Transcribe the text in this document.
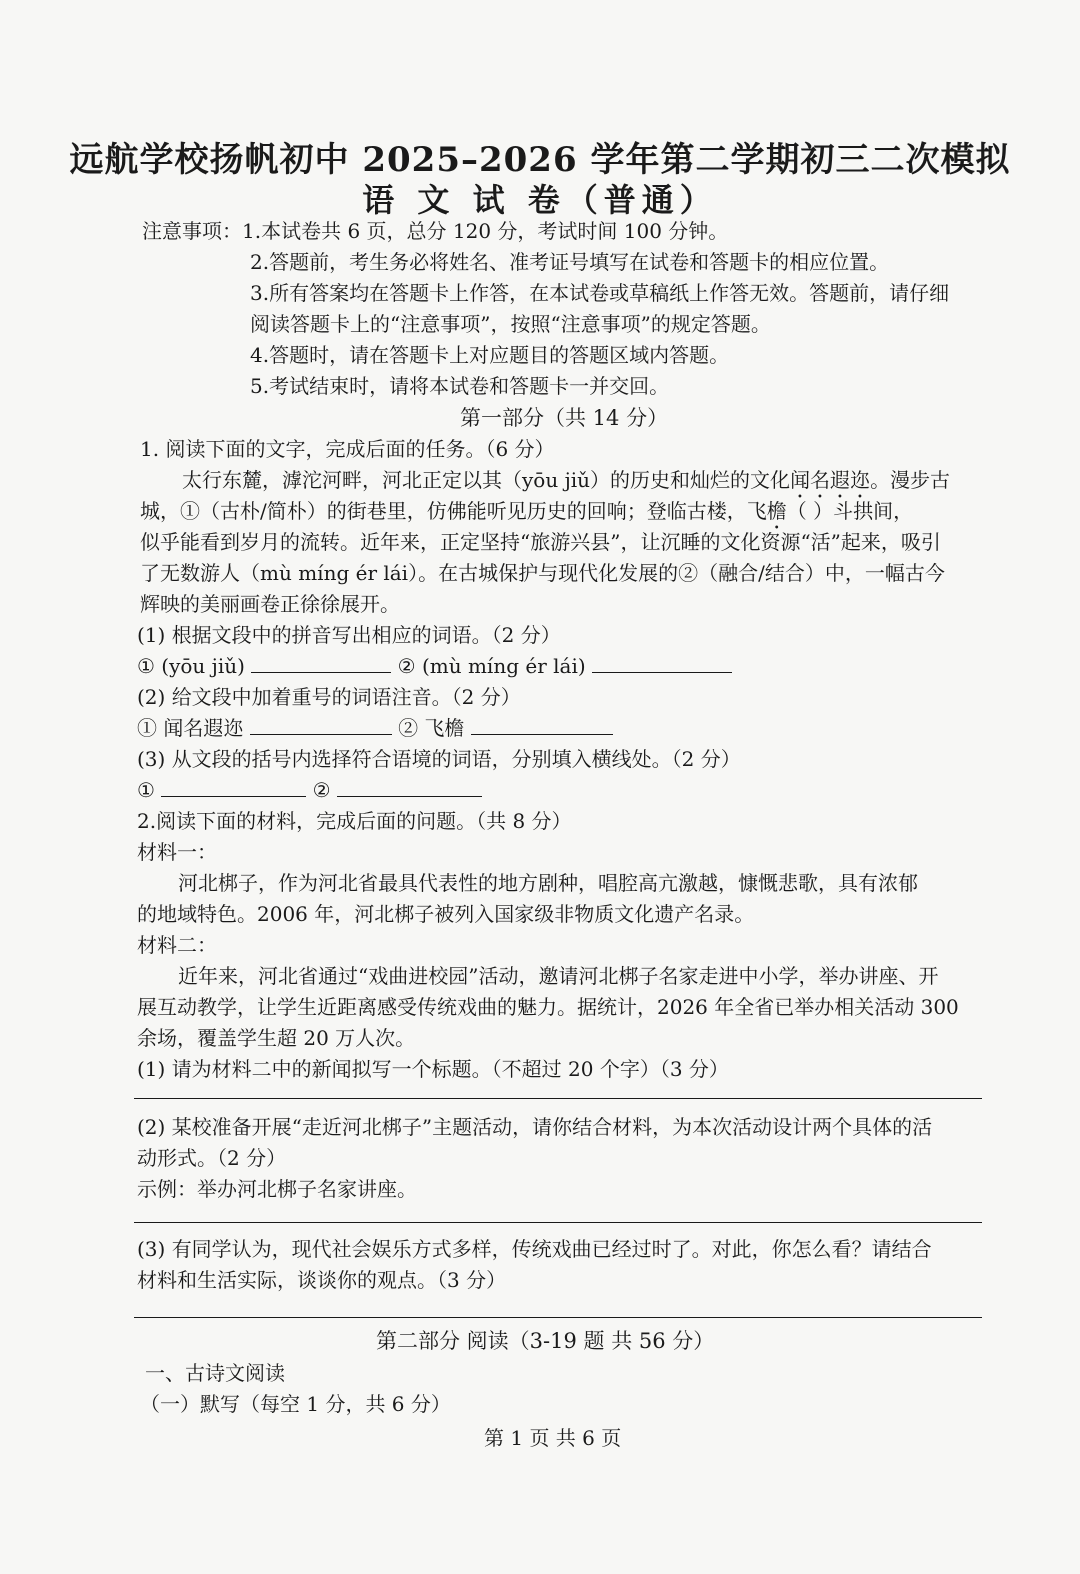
远航学校扬帆初中 2025–2026 学年第二学期初三二次模拟
语 文 试 卷（普通）
注意事项：1.本试卷共 6 页，总分 120 分，考试时间 100 分钟。
2.答题前，考生务必将姓名、准考证号填写在试卷和答题卡的相应位置。
3.所有答案均在答题卡上作答，在本试卷或草稿纸上作答无效。答题前，请仔细
阅读答题卡上的“注意事项”，按照“注意事项”的规定答题。
4.答题时，请在答题卡上对应题目的答题区域内答题。
5.考试结束时，请将本试卷和答题卡一并交回。
第一部分（共 14 分）
1. 阅读下面的文字，完成后面的任务。（6 分）
太行东麓，滹沱河畔，河北正定以其（yōu jiǔ）的历史和灿烂的文化闻名遐迩。漫步古
城，①（古朴/简朴）的街巷里，仿佛能听见历史的回响；登临古楼，飞檐（ ）斗拱间，
似乎能看到岁月的流转。近年来，正定坚持“旅游兴县”，让沉睡的文化资源“活”起来，吸引
了无数游人（mù míng ér lái）。在古城保护与现代化发展的②（融合/结合）中，一幅古今
辉映的美丽画卷正徐徐展开。
(1) 根据文段中的拼音写出相应的词语。（2 分）
① (yōu jiǔ)	② (mù míng ér lái)
(2) 给文段中加着重号的词语注音。（2 分）
① 闻名遐迩	② 飞檐
(3) 从文段的括号内选择符合语境的词语，分别填入横线处。（2 分）
①	②
2.阅读下面的材料，完成后面的问题。（共 8 分）
材料一：
河北梆子，作为河北省最具代表性的地方剧种，唱腔高亢激越，慷慨悲歌，具有浓郁
的地域特色。2006 年，河北梆子被列入国家级非物质文化遗产名录。
材料二：
近年来，河北省通过“戏曲进校园”活动，邀请河北梆子名家走进中小学，举办讲座、开
展互动教学，让学生近距离感受传统戏曲的魅力。据统计，2026 年全省已举办相关活动 300
余场，覆盖学生超 20 万人次。
(1) 请为材料二中的新闻拟写一个标题。（不超过 20 个字）（3 分）
(2) 某校准备开展“走近河北梆子”主题活动，请你结合材料，为本次活动设计两个具体的活
动形式。（2 分）
示例：举办河北梆子名家讲座。
(3) 有同学认为，现代社会娱乐方式多样，传统戏曲已经过时了。对此，你怎么看？请结合
材料和生活实际，谈谈你的观点。（3 分）
第二部分 阅读（3-19 题 共 56 分）
一、古诗文阅读
（一）默写（每空 1 分，共 6 分）
第 1 页 共 6 页
